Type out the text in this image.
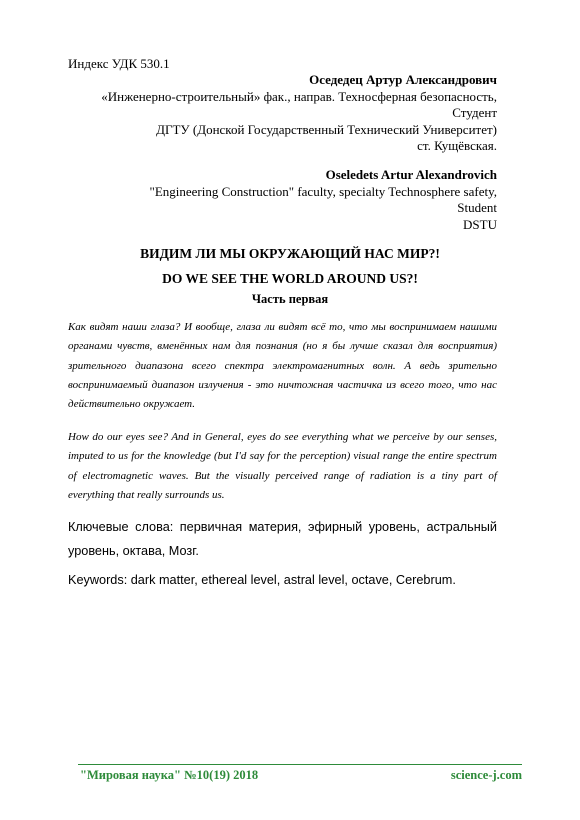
Индекс УДК 530.1
Оседедец Артур Александрович
«Инженерно-строительный» фак., направ. Техносферная безопасность,
Студент
ДГТУ (Донской Государственный Технический Университет)
ст. Кущёвская.
Oseledets Artur Alexandrovich
"Engineering Construction" faculty, specialty Technosphere safety,
Student
DSTU
ВИДИМ ЛИ МЫ ОКРУЖАЮЩИЙ НАС МИР?!
DO WE SEE THE WORLD AROUND US?!
Часть первая
Как видят наши глаза? И вообще, глаза ли видят всё то, что мы воспринимаем нашими органами чувств, вменённых нам для познания (но я бы лучше сказал для восприятия) зрительного диапазона всего спектра электромагнитных волн. А ведь зрительно воспринимаемый диапазон излучения - это ничтожная частичка из всего того, что нас действительно окружает.
How do our eyes see? And in General, eyes do see everything what we perceive by our senses, imputed to us for the knowledge (but I'd say for the perception) visual range the entire spectrum of electromagnetic waves. But the visually perceived range of radiation is a tiny part of everything that really surrounds us.
Ключевые слова: первичная материя, эфирный уровень, астральный уровень, октава, Мозг.
Keywords: dark matter, ethereal level, astral level, octave, Cerebrum.
"Мировая наука" №10(19) 2018	science-j.com
